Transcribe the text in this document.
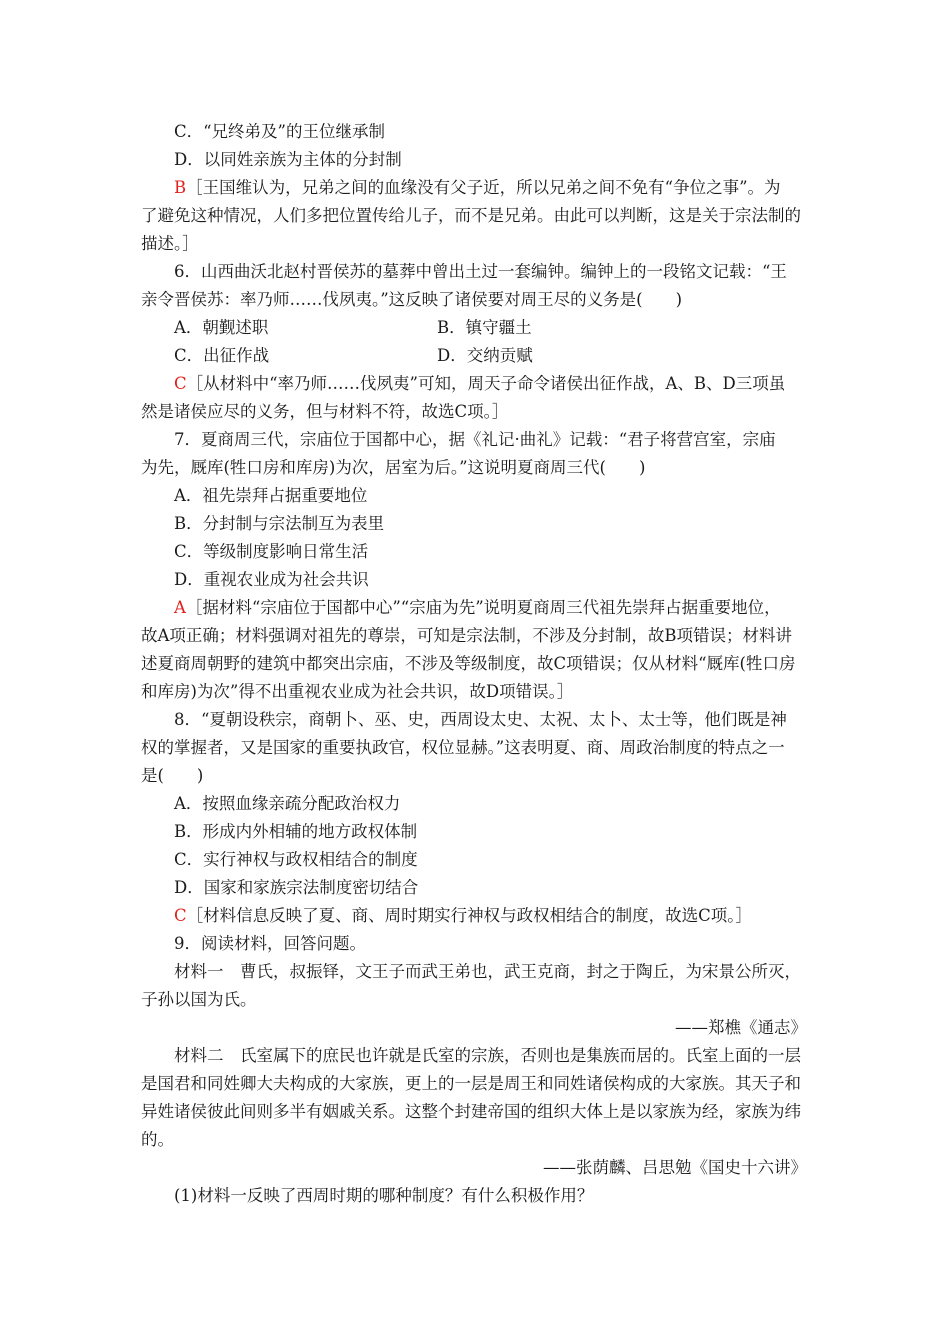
C．“兄终弟及”的王位继承制
D．以同姓亲族为主体的分封制
B［王国维认为，兄弟之间的血缘没有父子近，所以兄弟之间不免有“争位之事”。为
了避免这种情况，人们多把位置传给儿子，而不是兄弟。由此可以判断，这是关于宗法制的
描述。］
6．山西曲沃北赵村晋侯苏的墓葬中曾出土过一套编钟。编钟上的一段铭文记载：“王
亲令晋侯苏：率乃师……伐夙夷。”这反映了诸侯要对周王尽的义务是(　　)
A．朝觐述职	B．镇守疆土
C．出征作战	D．交纳贡赋
C［从材料中“率乃师……伐夙夷”可知，周天子命令诸侯出征作战，A、B、D三项虽
然是诸侯应尽的义务，但与材料不符，故选C项。］
7．夏商周三代，宗庙位于国都中心，据《礼记·曲礼》记载：“君子将营宫室，宗庙
为先，厩库(牲口房和库房)为次，居室为后。”这说明夏商周三代(　　)
A．祖先崇拜占据重要地位
B．分封制与宗法制互为表里
C．等级制度影响日常生活
D．重视农业成为社会共识
A［据材料“宗庙位于国都中心”“宗庙为先”说明夏商周三代祖先崇拜占据重要地位，
故A项正确；材料强调对祖先的尊崇，可知是宗法制，不涉及分封制，故B项错误；材料讲
述夏商周朝野的建筑中都突出宗庙，不涉及等级制度，故C项错误；仅从材料“厩库(牲口房
和库房)为次”得不出重视农业成为社会共识，故D项错误。］
8．“夏朝设秩宗，商朝卜、巫、史，西周设太史、太祝、太卜、太士等，他们既是神
权的掌握者，又是国家的重要执政官，权位显赫。”这表明夏、商、周政治制度的特点之一
是(　　)
A．按照血缘亲疏分配政治权力
B．形成内外相辅的地方政权体制
C．实行神权与政权相结合的制度
D．国家和家族宗法制度密切结合
C［材料信息反映了夏、商、周时期实行神权与政权相结合的制度，故选C项。］
9．阅读材料，回答问题。
材料一　曹氏，叔振铎，文王子而武王弟也，武王克商，封之于陶丘，为宋景公所灭，
子孙以国为氏。
——郑樵《通志》
材料二　氏室属下的庶民也许就是氏室的宗族，否则也是集族而居的。氏室上面的一层
是国君和同姓卿大夫构成的大家族，更上的一层是周王和同姓诸侯构成的大家族。其天子和
异姓诸侯彼此间则多半有姻戚关系。这整个封建帝国的组织大体上是以家族为经，家族为纬
的。
——张荫麟、吕思勉《国史十六讲》
(1)材料一反映了西周时期的哪种制度？有什么积极作用？
